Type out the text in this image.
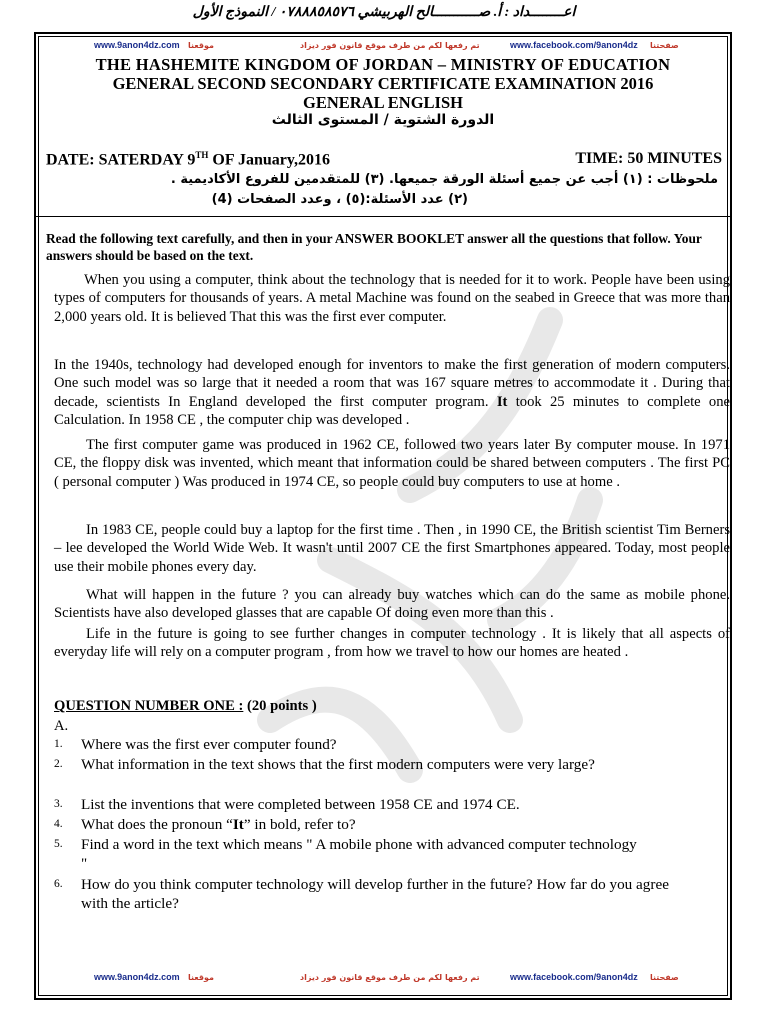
اعــــــــداد : أ. صـــــــــــالح الهربيشي ٠٧٨٨٨٥٨٥٧٦ / النموذج الأول
www.9anon4dz.com موقعنا	تم رفعها لكم من طرف موقع قانون فور ديزاد	www.facebook.com/9anon4dz صفحتنا
THE HASHEMITE KINGDOM OF JORDAN – MINISTRY OF EDUCATION
GENERAL SECOND SECONDARY CERTIFICATE EXAMINATION 2016
GENERAL ENGLISH
الدورة الشتوية / المستوى الثالث
DATE: SATERDAY 9TH OF January,2016	TIME: 50 MINUTES
ملحوظات : (١) أجب عن جميع أسئلة الورقة جميعها. (٣) للمتقدمين للفروع الأكاديمية .
(٢) عدد الأسئلة:(٥) ، وعدد الصفحات (4)
Read the following text carefully, and then in your ANSWER BOOKLET answer all the questions that follow. Your answers should be based on the text.
When you using a computer, think about the technology that is needed for it to work. People have been using types of computers for thousands of years. A metal Machine was found on the seabed in Greece that was more than 2,000 years old. It is believed That this was the first ever computer.
In the 1940s, technology had developed enough for inventors to make the first generation of modern computers. One such model was so large that it needed a room that was 167 square metres to accommodate it . During that decade, scientists In England developed the first computer program. It took 25 minutes to complete one Calculation. In 1958 CE , the computer chip was developed .
The first computer game was produced in 1962 CE, followed two years later By computer mouse. In 1971 CE, the floppy disk was invented, which meant that information could be shared between computers . The first PC ( personal computer ) Was produced in 1974 CE, so people could buy computers to use at home .
In 1983 CE, people could buy a laptop for the first time . Then , in 1990 CE, the British scientist Tim Berners – lee developed the World Wide Web. It wasn't until 2007 CE the first Smartphones appeared. Today, most people use their mobile phones every day.
What will happen in the future ? you can already buy watches which can do the same as mobile phone. Scientists have also developed glasses that are capable Of doing even more than this .
Life in the future is going to see further changes in computer technology . It is likely that all aspects of everyday life will rely on a computer program , from how we travel to how our homes are heated .
QUESTION NUMBER ONE : (20 points )
A.
1. Where was the first ever computer found?
2. What information in the text shows that the first modern computers were very large?
3. List the inventions that were completed between 1958 CE and 1974 CE.
4. What does the pronoun “It” in bold, refer to?
5. Find a word in the text which means " A mobile phone with advanced computer technology "
6. How do you think computer technology will develop further in the future? How far do you agree with the article?
www.9anon4dz.com موقعنا	تم رفعها لكم من طرف موقع قانون فور ديزاد	www.facebook.com/9anon4dz صفحتنا
